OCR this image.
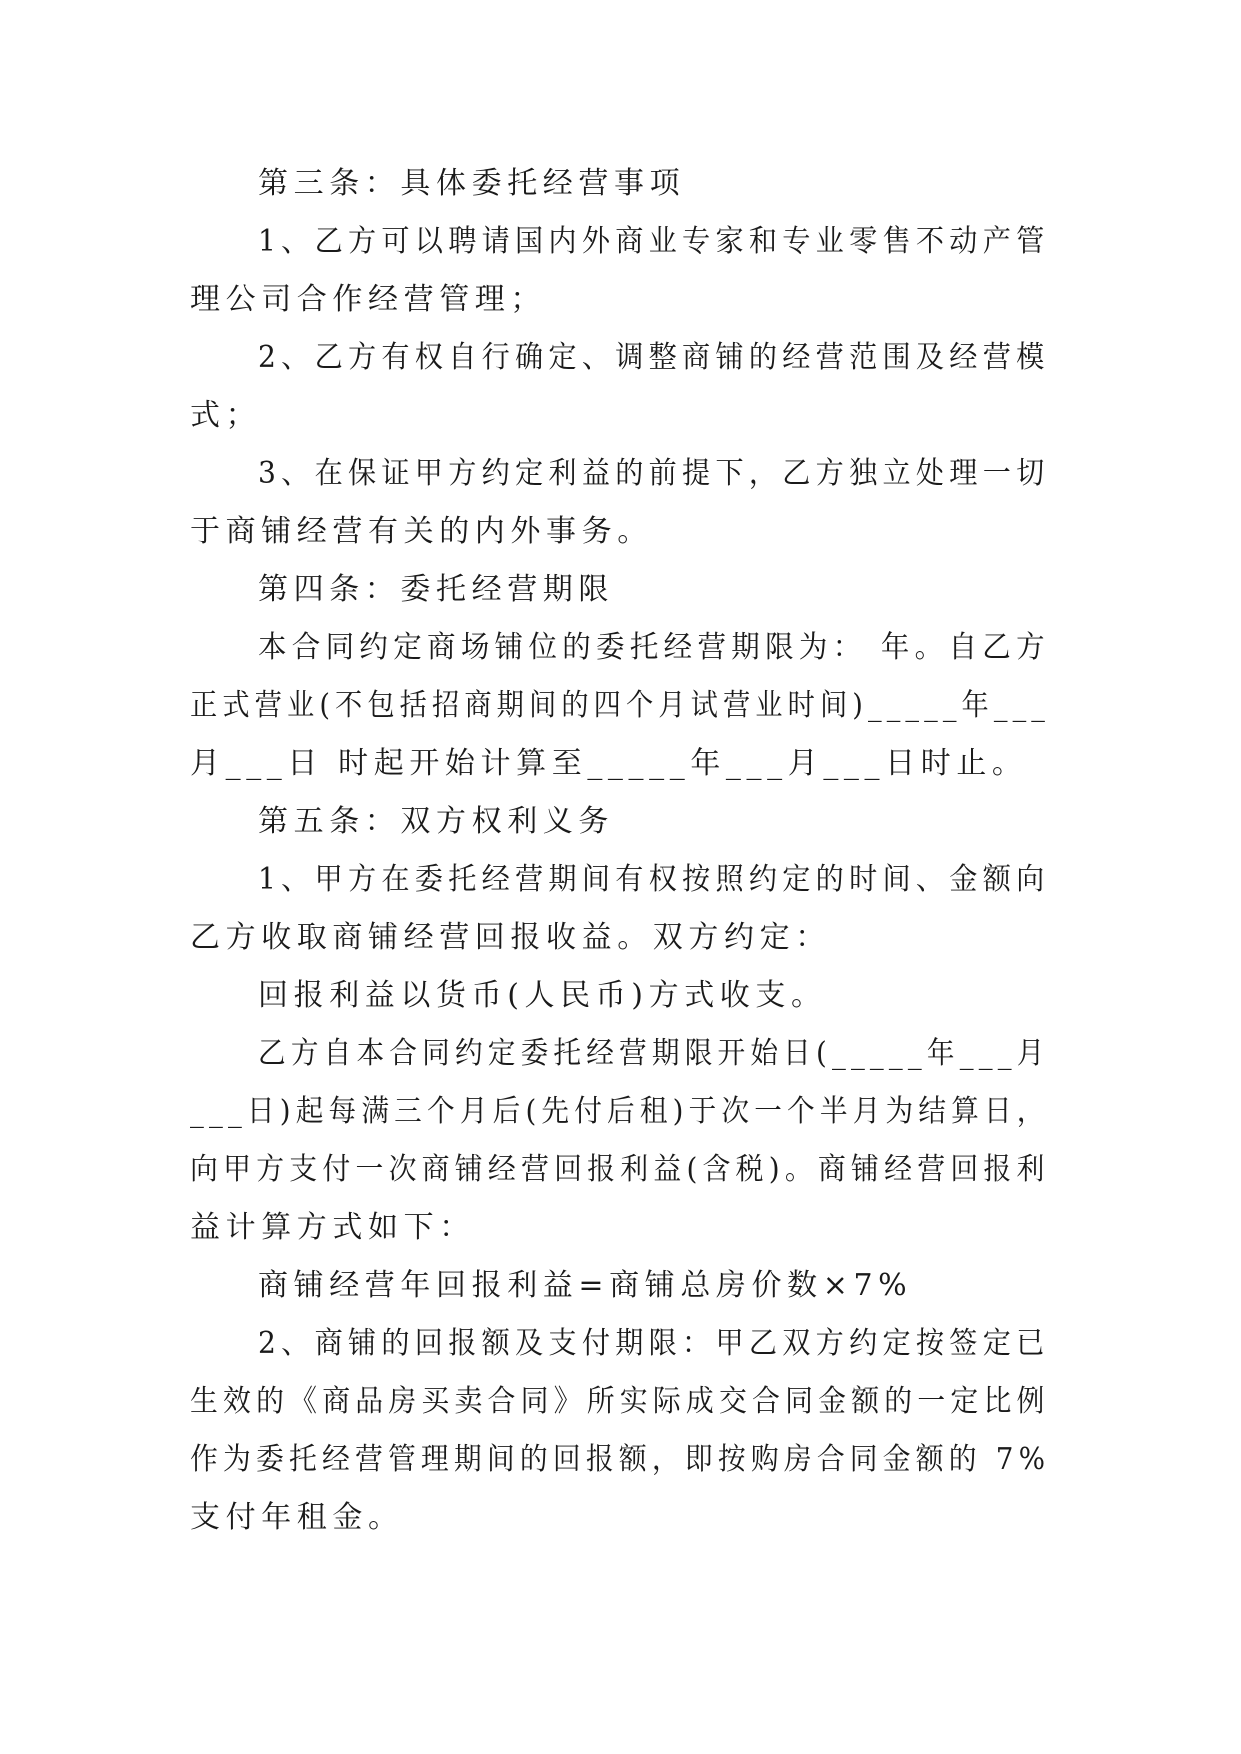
第三条：具体委托经营事项
1、乙方可以聘请国内外商业专家和专业零售不动产管
理公司合作经营管理；
2、乙方有权自行确定、调整商铺的经营范围及经营模
式；
3、在保证甲方约定利益的前提下，乙方独立处理一切
于商铺经营有关的内外事务。
第四条：委托经营期限
本合同约定商场铺位的委托经营期限为： 年。自乙方
正式营业(不包括招商期间的四个月试营业时间)_____年___
月___日 时起开始计算至_____年___月___日时止。
第五条：双方权利义务
1、甲方在委托经营期间有权按照约定的时间、金额向
乙方收取商铺经营回报收益。双方约定：
回报利益以货币(人民币)方式收支。
乙方自本合同约定委托经营期限开始日(_____年___月
___日)起每满三个月后(先付后租)于次一个半月为结算日，
向甲方支付一次商铺经营回报利益(含税)。商铺经营回报利
益计算方式如下：
商铺经营年回报利益=商铺总房价数×7%
2、商铺的回报额及支付期限：甲乙双方约定按签定已
生效的《商品房买卖合同》所实际成交合同金额的一定比例
作为委托经营管理期间的回报额，即按购房合同金额的 7%
支付年租金。
